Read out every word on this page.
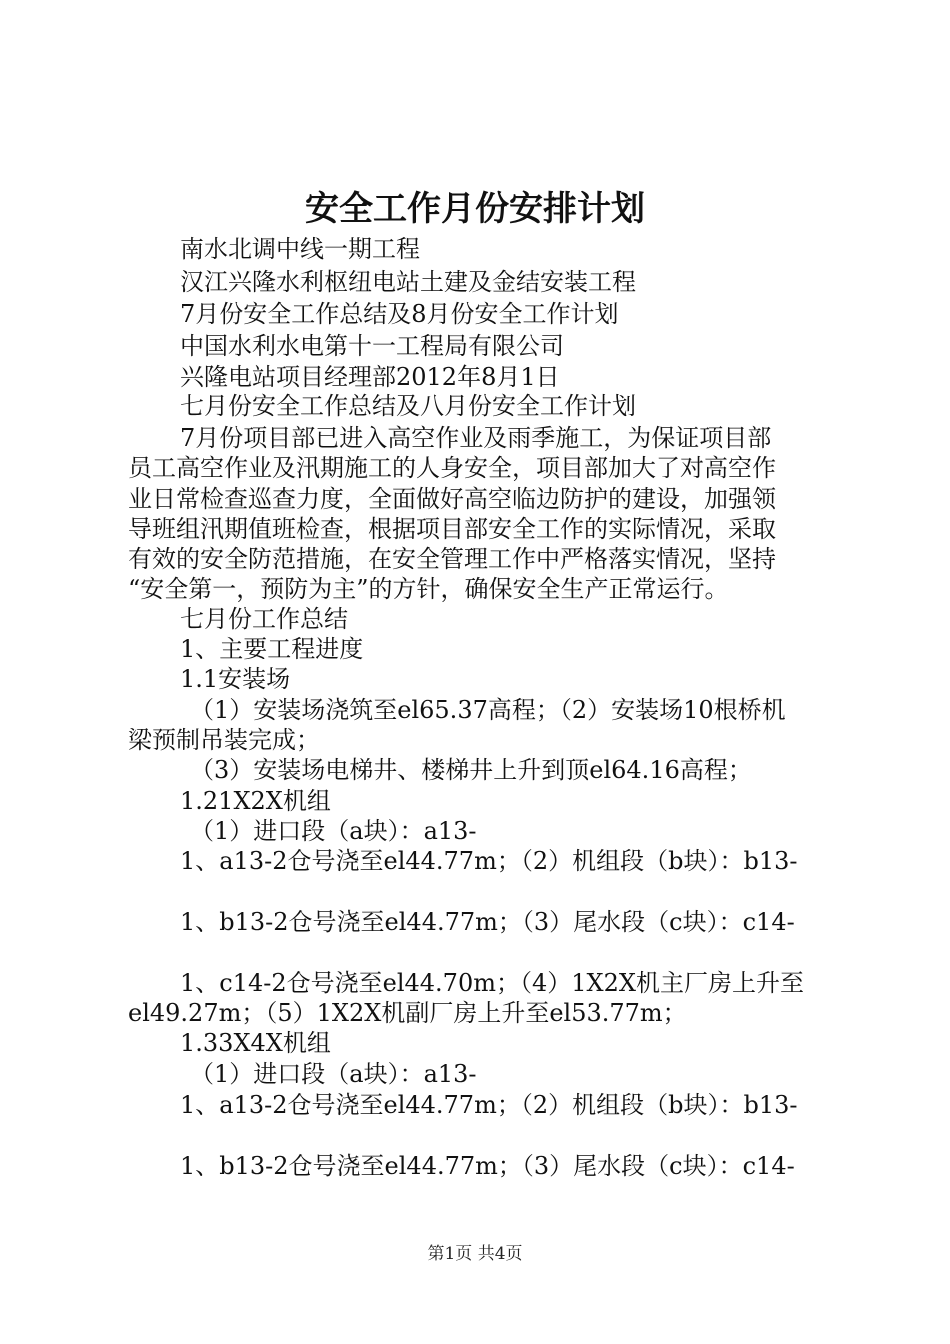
安全工作月份安排计划

南水北调中线一期工程

汉江兴隆水利枢纽电站土建及金结安装工程

7月份安全工作总结及8月份安全工作计划

中国水利水电第十一工程局有限公司

兴隆电站项目经理部2012年8月1日

七月份安全工作总结及八月份安全工作计划

7月份项目部已进入高空作业及雨季施工，为保证项目部

员工高空作业及汛期施工的人身安全，项目部加大了对高空作

业日常检查巡查力度，全面做好高空临边防护的建设，加强领

导班组汛期值班检查，根据项目部安全工作的实际情况，采取

有效的安全防范措施，在安全管理工作中严格落实情况，坚持

“安全第一，预防为主”的方针，确保安全生产正常运行。

七月份工作总结

1、主要工程进度

1.1安装场

（1）安装场浇筑至el65.37高程；（2）安装场10根桥机

梁预制吊装完成；

（3）安装场电梯井、楼梯井上升到顶el64.16高程；

1.21X2X机组

（1）进口段（a块）：a13-

1、a13-2仓号浇至el44.77m；（2）机组段（b块）：b13-

1、b13-2仓号浇至el44.77m；（3）尾水段（c块）：c14-

1、c14-2仓号浇至el44.70m；（4）1X2X机主厂房上升至

el49.27m；（5）1X2X机副厂房上升至el53.77m；

1.33X4X机组

（1）进口段（a块）：a13-

1、a13-2仓号浇至el44.77m；（2）机组段（b块）：b13-

1、b13-2仓号浇至el44.77m；（3）尾水段（c块）：c14-

第1页 共4页
